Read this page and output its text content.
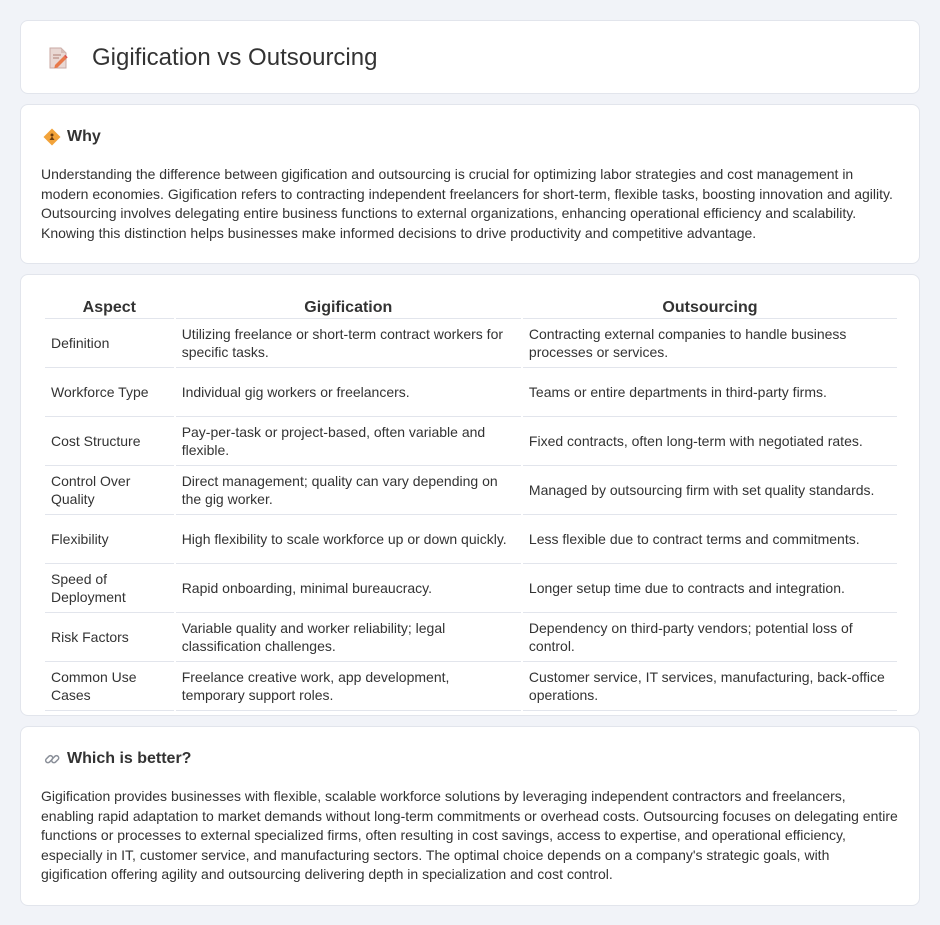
Gigification vs Outsourcing
Why

Understanding the difference between gigification and outsourcing is crucial for optimizing labor strategies and cost management in modern economies. Gigification refers to contracting independent freelancers for short-term, flexible tasks, boosting innovation and agility. Outsourcing involves delegating entire business functions to external organizations, enhancing operational efficiency and scalability. Knowing this distinction helps businesses make informed decisions to drive productivity and competitive advantage.

Aspect	Gigification	Outsourcing
Definition	Utilizing freelance or short-term contract workers for specific tasks.	Contracting external companies to handle business processes or services.
Workforce Type	Individual gig workers or freelancers.	Teams or entire departments in third-party firms.
Cost Structure	Pay-per-task or project-based, often variable and flexible.	Fixed contracts, often long-term with negotiated rates.
Control Over Quality	Direct management; quality can vary depending on the gig worker.	Managed by outsourcing firm with set quality standards.
Flexibility	High flexibility to scale workforce up or down quickly.	Less flexible due to contract terms and commitments.
Speed of Deployment	Rapid onboarding, minimal bureaucracy.	Longer setup time due to contracts and integration.
Risk Factors	Variable quality and worker reliability; legal classification challenges.	Dependency on third-party vendors; potential loss of control.
Common Use Cases	Freelance creative work, app development, temporary support roles.	Customer service, IT services, manufacturing, back-office operations.
Which is better?

Gigification provides businesses with flexible, scalable workforce solutions by leveraging independent contractors and freelancers, enabling rapid adaptation to market demands without long-term commitments or overhead costs. Outsourcing focuses on delegating entire functions or processes to external specialized firms, often resulting in cost savings, access to expertise, and operational efficiency, especially in IT, customer service, and manufacturing sectors. The optimal choice depends on a company's strategic goals, with gigification offering agility and outsourcing delivering depth in specialization and cost control.
